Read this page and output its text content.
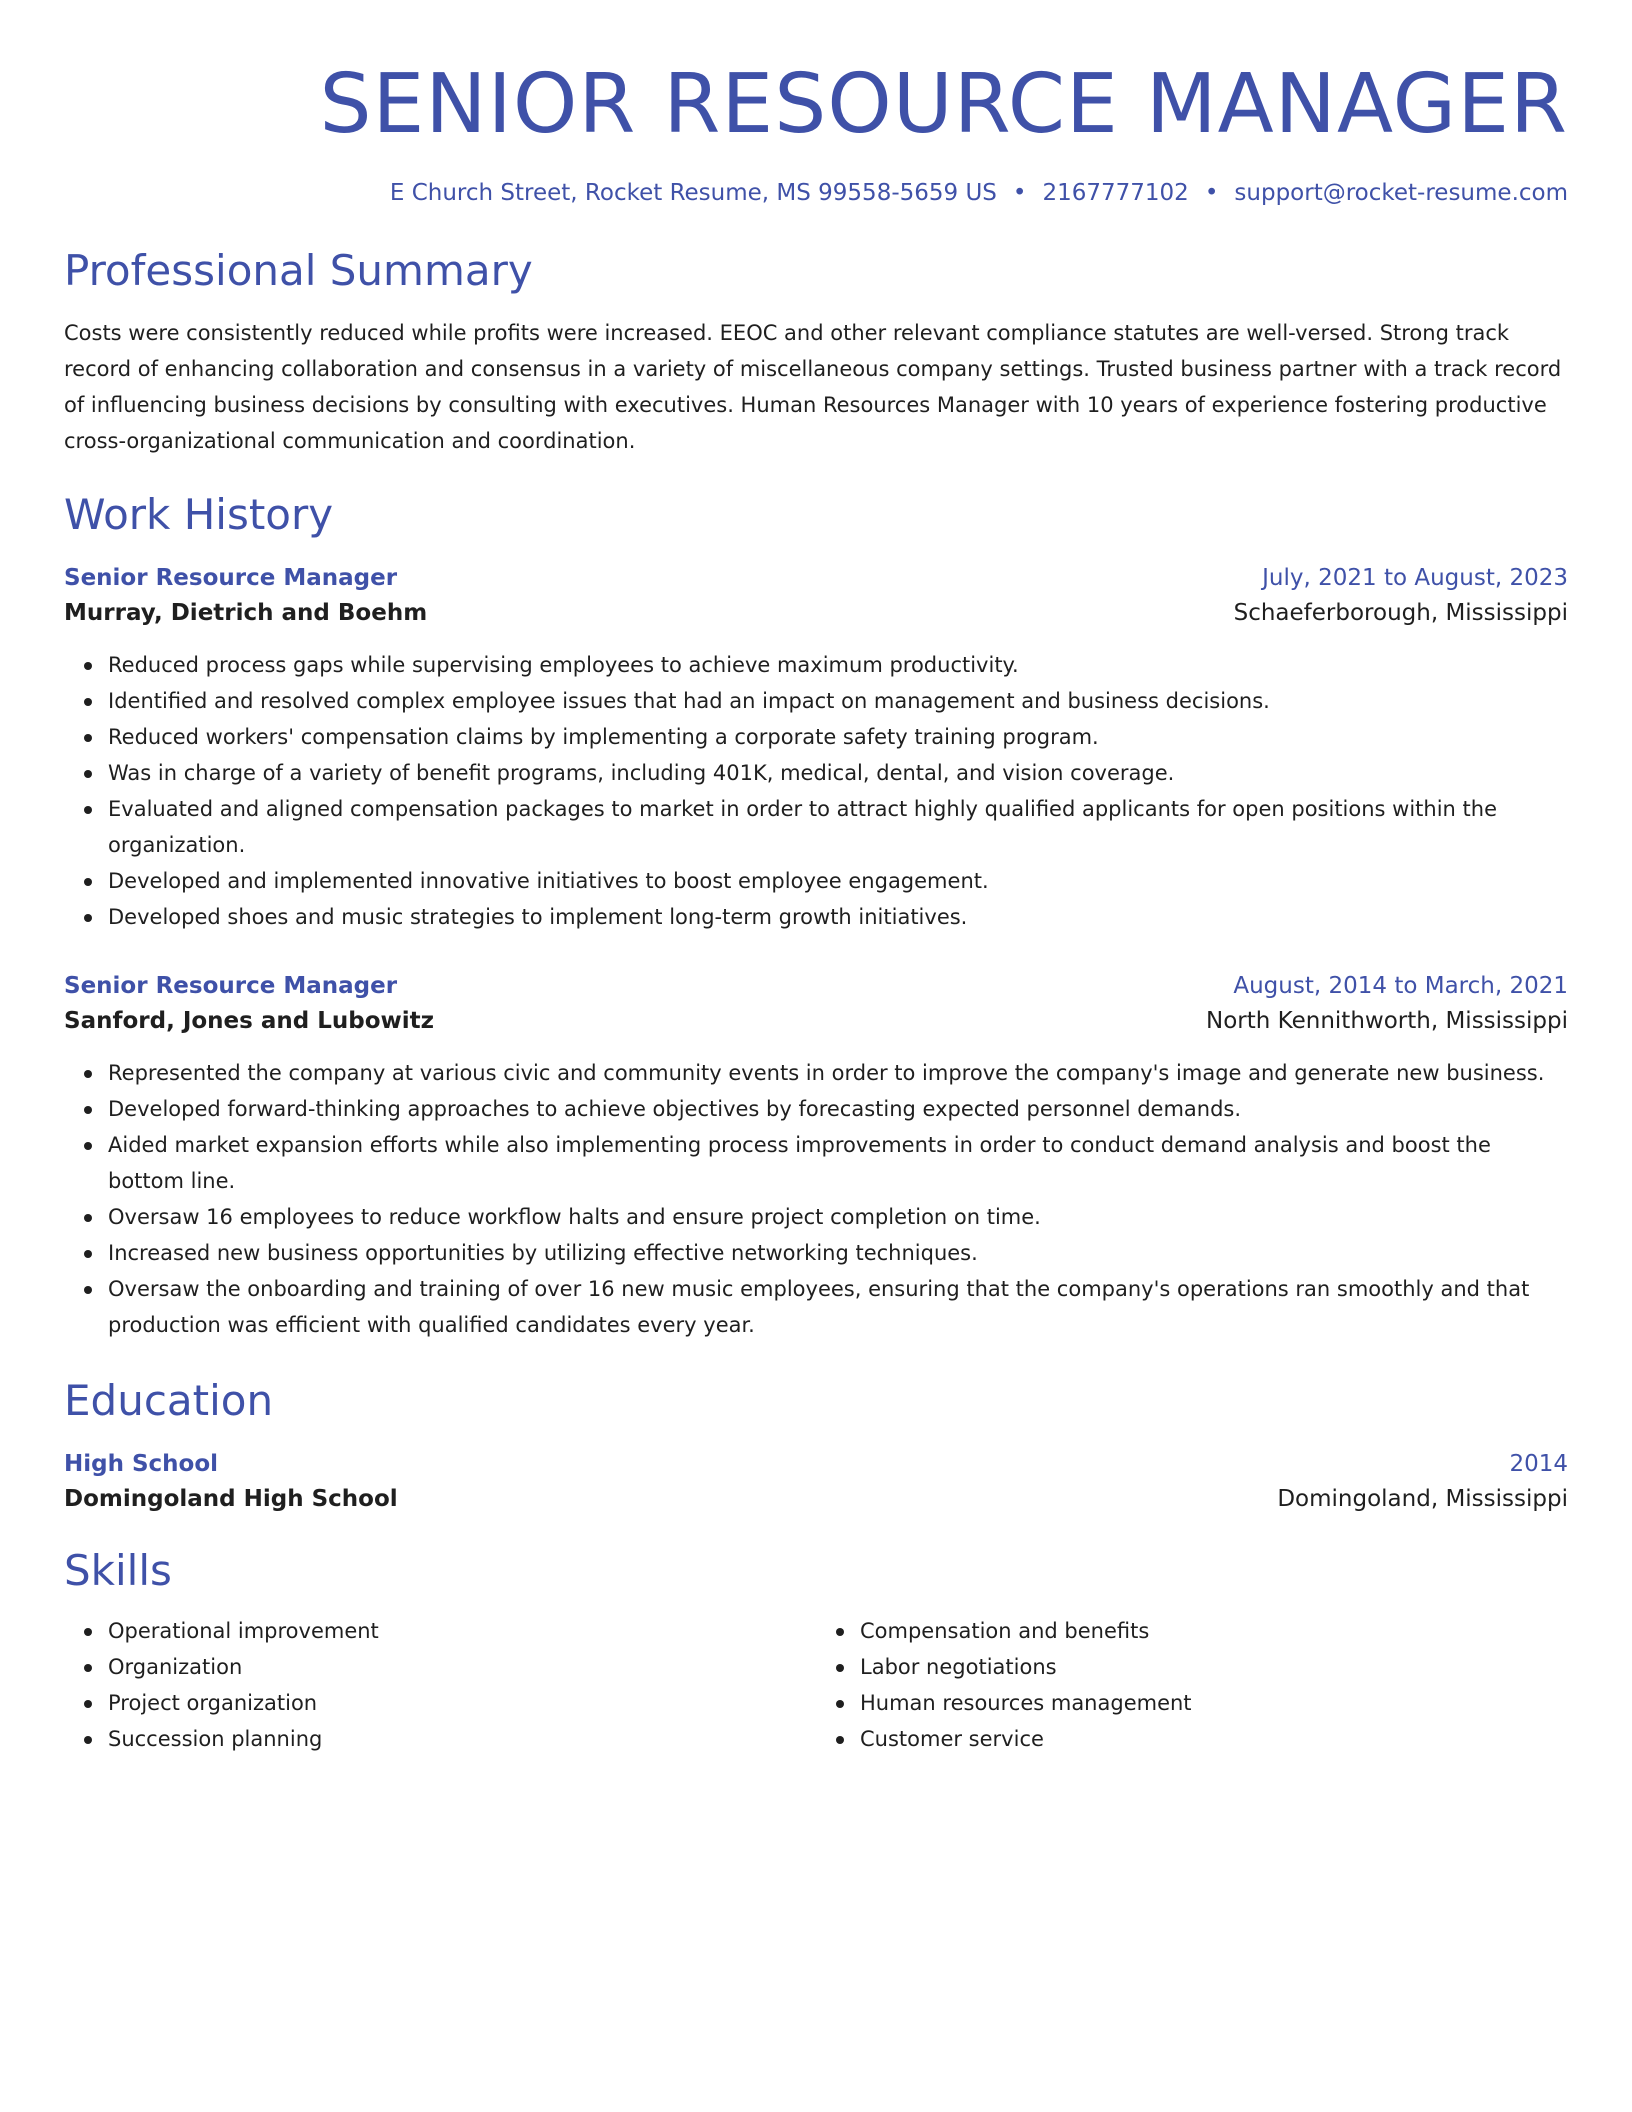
SENIOR RESOURCE MANAGER
E Church Street, Rocket Resume, MS 99558-5659 US • 2167777102 • support@rocket-resume.com
Professional Summary

Costs were consistently reduced while profits were increased. EEOC and other relevant compliance statutes are well-versed. Strong track record of enhancing collaboration and consensus in a variety of miscellaneous company settings. Trusted business partner with a track record of influencing business decisions by consulting with executives. Human Resources Manager with 10 years of experience fostering productive cross-organizational communication and coordination.

Work History
Senior Resource Manager	July, 2021 to August, 2023
Murray, Dietrich and Boehm	Schaeferborough, Mississippi
Reduced process gaps while supervising employees to achieve maximum productivity.
Identified and resolved complex employee issues that had an impact on management and business decisions.
Reduced workers' compensation claims by implementing a corporate safety training program.
Was in charge of a variety of benefit programs, including 401K, medical, dental, and vision coverage.
Evaluated and aligned compensation packages to market in order to attract highly qualified applicants for open positions within the organization.
Developed and implemented innovative initiatives to boost employee engagement.
Developed shoes and music strategies to implement long-term growth initiatives.
Senior Resource Manager	August, 2014 to March, 2021
Sanford, Jones and Lubowitz	North Kennithworth, Mississippi
Represented the company at various civic and community events in order to improve the company's image and generate new business.
Developed forward-thinking approaches to achieve objectives by forecasting expected personnel demands.
Aided market expansion efforts while also implementing process improvements in order to conduct demand analysis and boost the bottom line.
Oversaw 16 employees to reduce workflow halts and ensure project completion on time.
Increased new business opportunities by utilizing effective networking techniques.
Oversaw the onboarding and training of over 16 new music employees, ensuring that the company's operations ran smoothly and that production was efficient with qualified candidates every year.
Education
High School	2014
Domingoland High School	Domingoland, Mississippi
Skills
Operational improvement
Organization
Project organization
Succession planning
Compensation and benefits
Labor negotiations
Human resources management
Customer service
